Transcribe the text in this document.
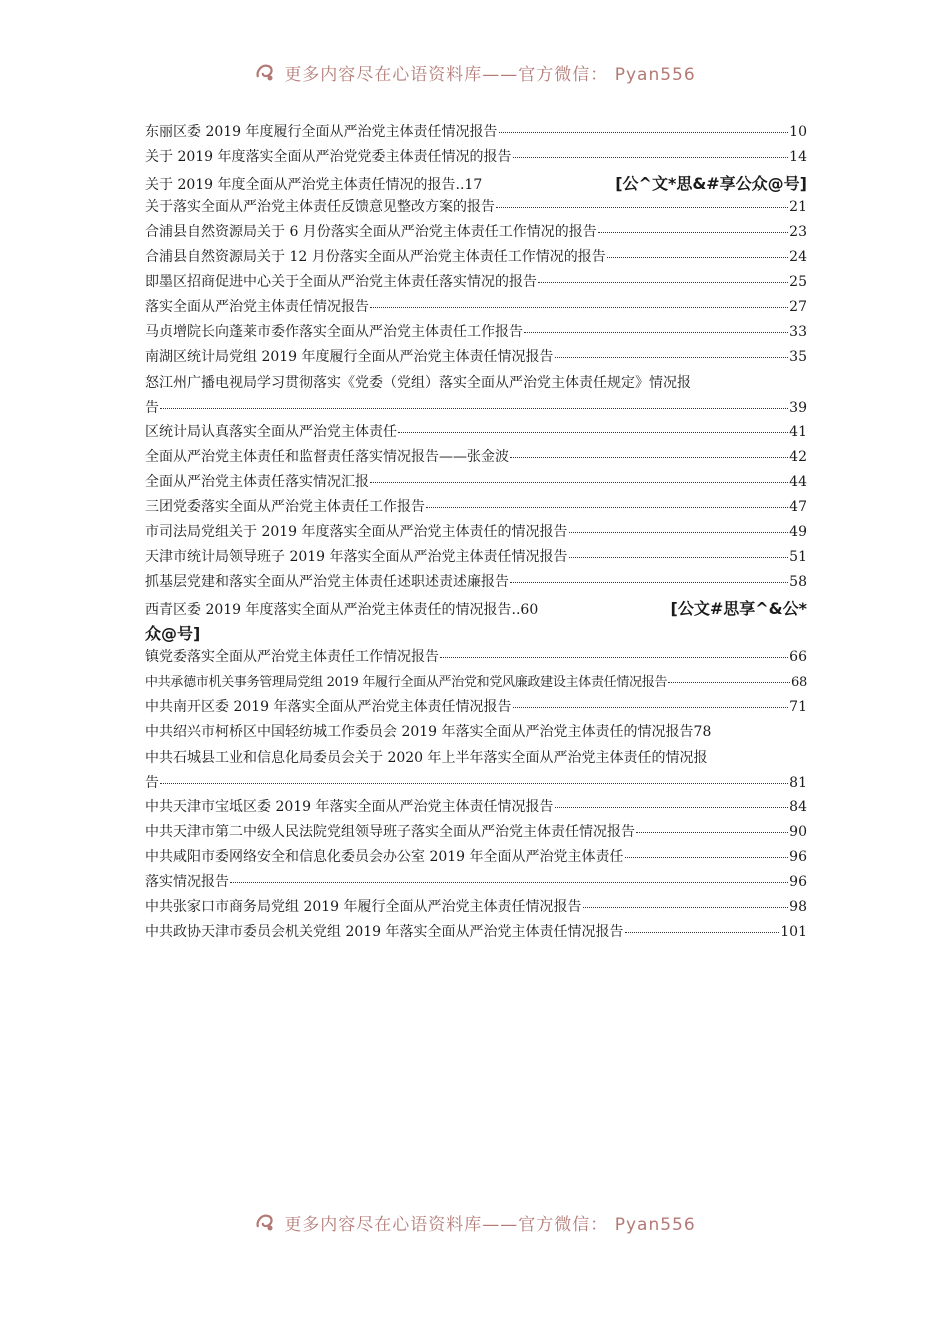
更多内容尽在心语资料库——官方微信： Pyan556
东丽区委 2019 年度履行全面从严治党主体责任情况报告	10
关于 2019 年度落实全面从严治党党委主体责任情况的报告	14
关于 2019 年度全面从严治党主体责任情况的报告..17	[公^文*思&#享公众@号]
关于落实全面从严治党主体责任反馈意见整改方案的报告	21
合浦县自然资源局关于 6 月份落实全面从严治党主体责任工作情况的报告	23
合浦县自然资源局关于 12 月份落实全面从严治党主体责任工作情况的报告	24
即墨区招商促进中心关于全面从严治党主体责任落实情况的报告	25
落实全面从严治党主体责任情况报告	27
马贞增院长向蓬莱市委作落实全面从严治党主体责任工作报告	33
南湖区统计局党组 2019 年度履行全面从严治党主体责任情况报告	35
怒江州广播电视局学习贯彻落实《党委（党组）落实全面从严治党主体责任规定》情况报
告	39
区统计局认真落实全面从严治党主体责任	41
全面从严治党主体责任和监督责任落实情况报告——张金波	42
全面从严治党主体责任落实情况汇报	44
三团党委落实全面从严治党主体责任工作报告	47
市司法局党组关于 2019 年度落实全面从严治党主体责任的情况报告	49
天津市统计局领导班子 2019 年落实全面从严治党主体责任情况报告	51
抓基层党建和落实全面从严治党主体责任述职述责述廉报告	58
西青区委 2019 年度落实全面从严治党主体责任的情况报告..60	[公文#思享^&公*
众@号]
镇党委落实全面从严治党主体责任工作情况报告	66
中共承德市机关事务管理局党组 2019 年履行全面从严治党和党风廉政建设主体责任情况报告	68
中共南开区委 2019 年落实全面从严治党主体责任情况报告	71
中共绍兴市柯桥区中国轻纺城工作委员会 2019 年落实全面从严治党主体责任的情况报告 78
中共石城县工业和信息化局委员会关于 2020 年上半年落实全面从严治党主体责任的情况报
告	81
中共天津市宝坻区委 2019 年落实全面从严治党主体责任情况报告	84
中共天津市第二中级人民法院党组领导班子落实全面从严治党主体责任情况报告	90
中共咸阳市委网络安全和信息化委员会办公室 2019 年全面从严治党主体责任	96
落实情况报告	96
中共张家口市商务局党组 2019 年履行全面从严治党主体责任情况报告	98
中共政协天津市委员会机关党组 2019 年落实全面从严治党主体责任情况报告	101
更多内容尽在心语资料库——官方微信： Pyan556
